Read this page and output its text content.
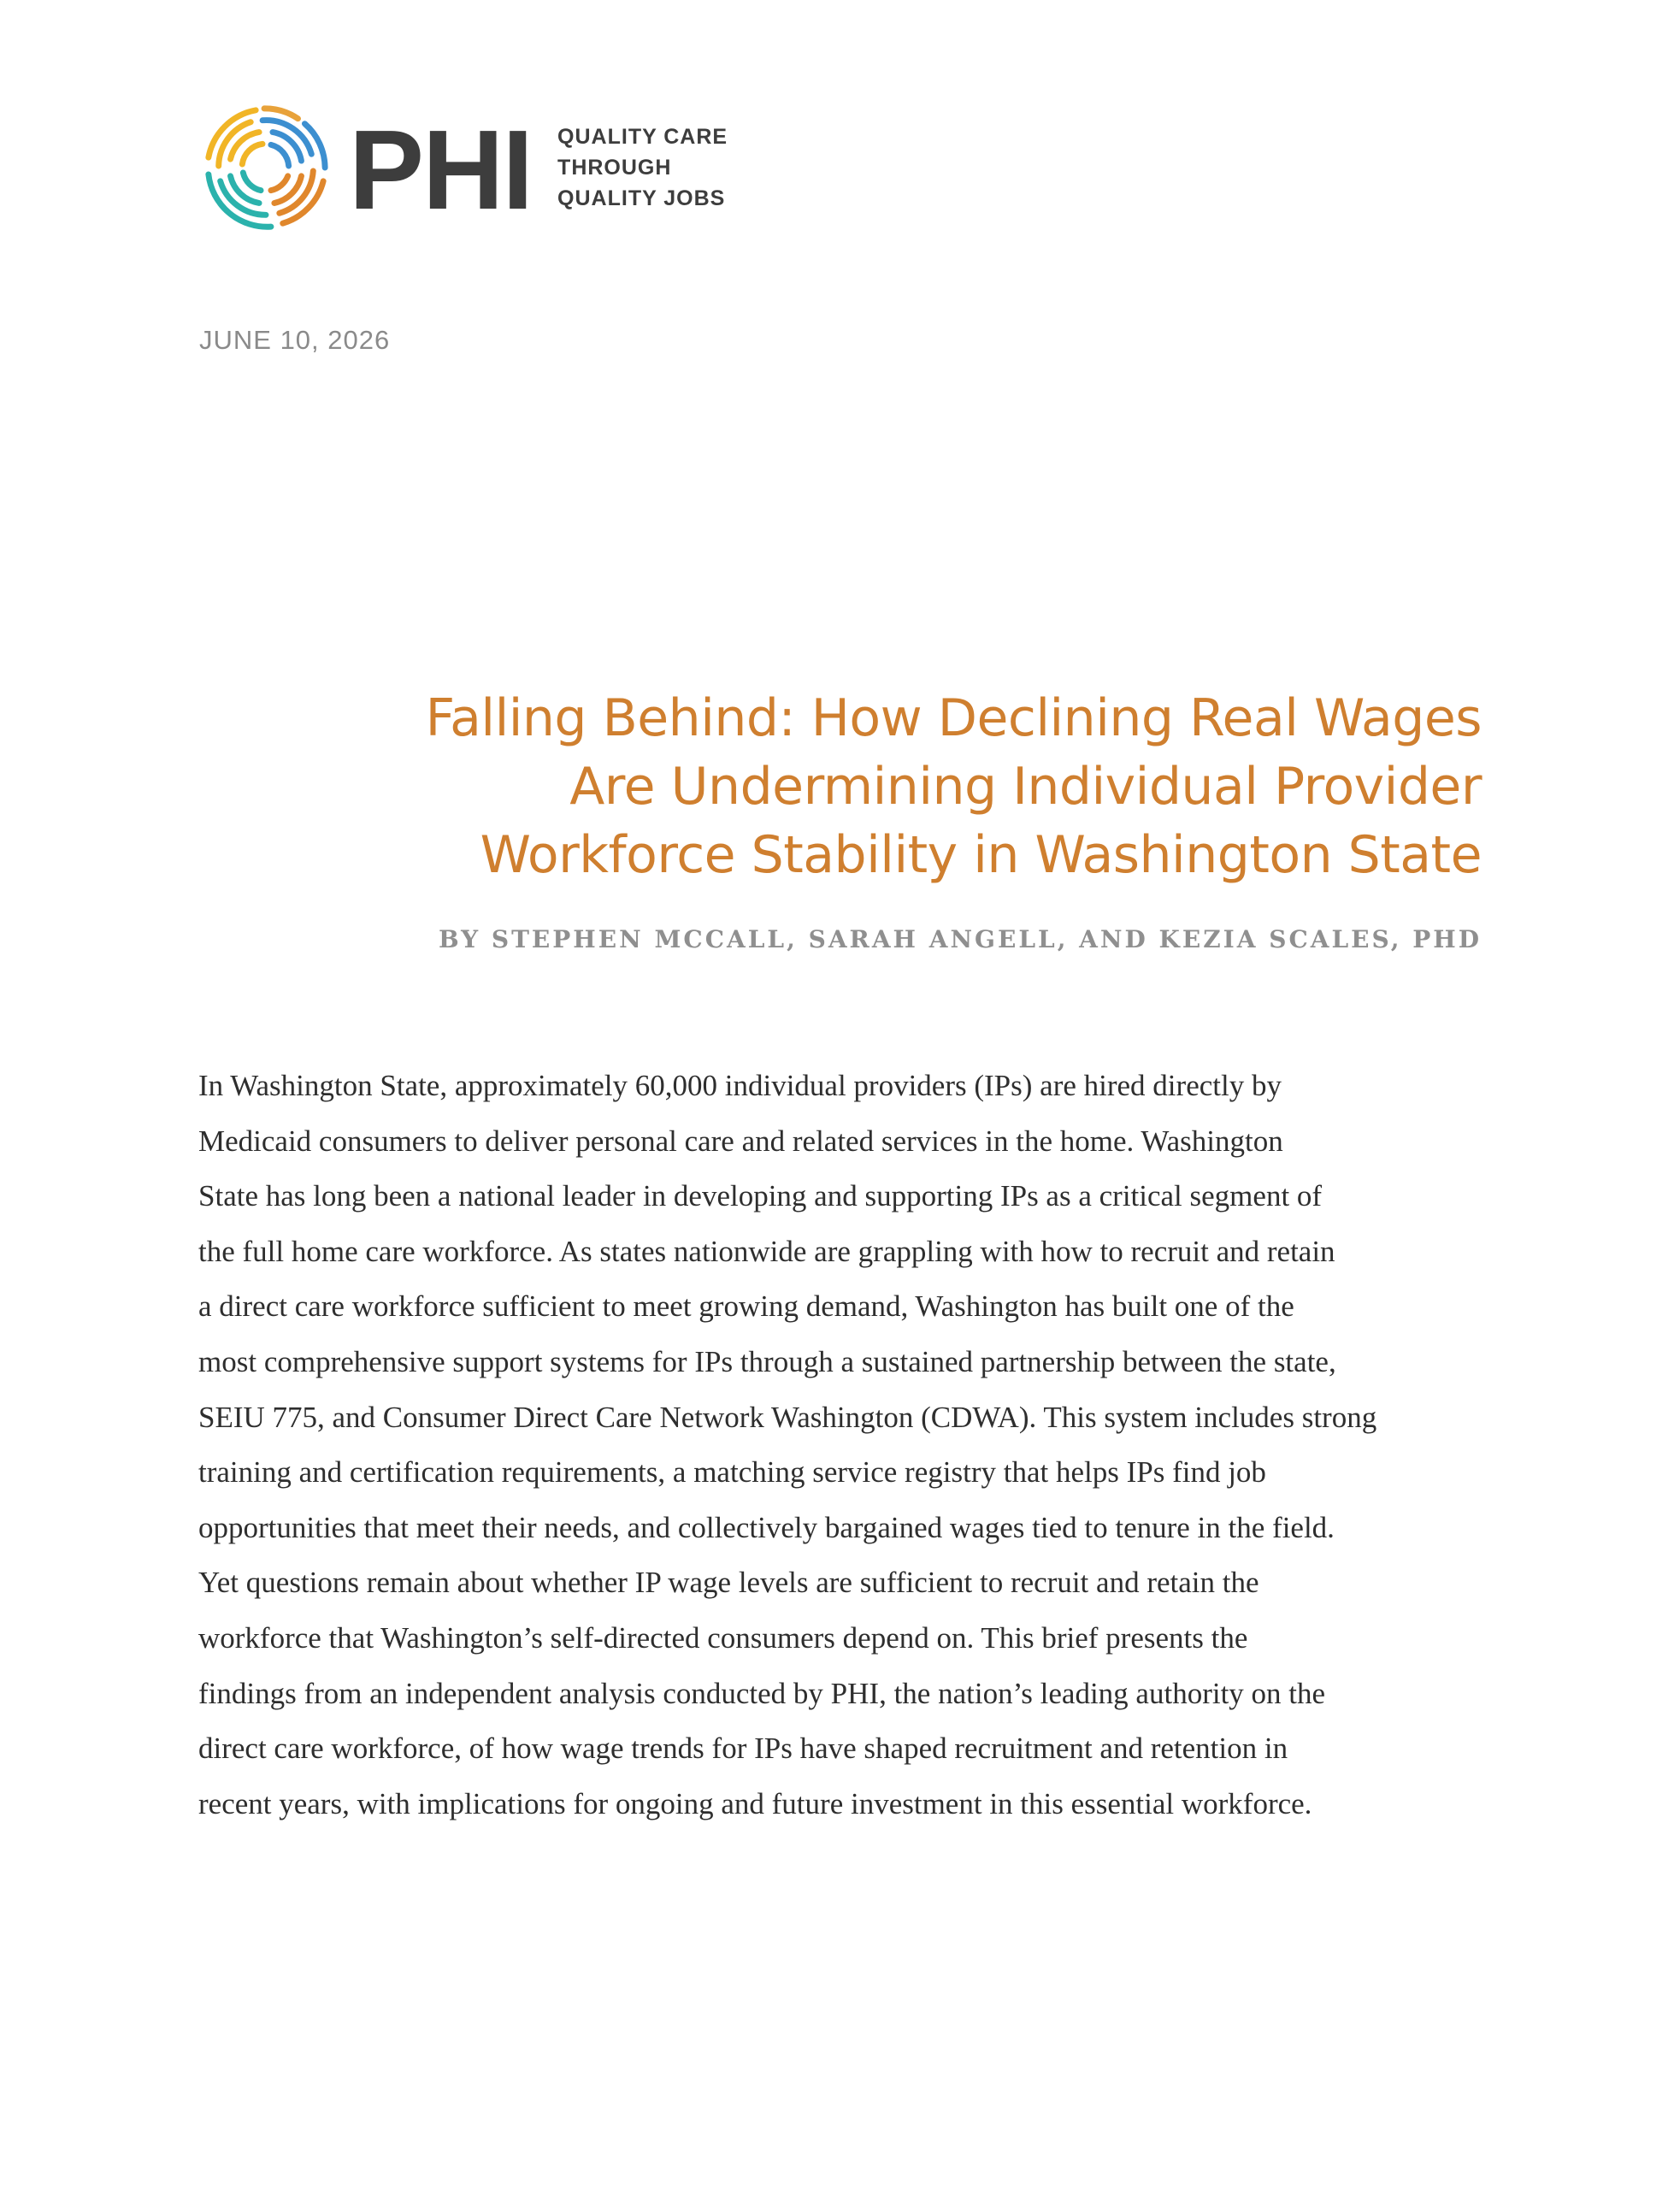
PHI QUALITY CARE
THROUGH
QUALITY JOBS
JUNE 10, 2026
Falling Behind: How Declining Real Wages
Are Undermining Individual Provider
Workforce Stability in Washington State
BY STEPHEN MCCALL, SARAH ANGELL, AND KEZIA SCALES, PHD
In Washington State, approximately 60,000 individual providers (IPs) are hired directly by
Medicaid consumers to deliver personal care and related services in the home. Washington
State has long been a national leader in developing and supporting IPs as a critical segment of
the full home care workforce. As states nationwide are grappling with how to recruit and retain
a direct care workforce sufficient to meet growing demand, Washington has built one of the
most comprehensive support systems for IPs through a sustained partnership between the state,
SEIU 775, and Consumer Direct Care Network Washington (CDWA). This system includes strong
training and certification requirements, a matching service registry that helps IPs find job
opportunities that meet their needs, and collectively bargained wages tied to tenure in the field.
Yet questions remain about whether IP wage levels are sufficient to recruit and retain the
workforce that Washington’s self-directed consumers depend on. This brief presents the
findings from an independent analysis conducted by PHI, the nation’s leading authority on the
direct care workforce, of how wage trends for IPs have shaped recruitment and retention in
recent years, with implications for ongoing and future investment in this essential workforce.
